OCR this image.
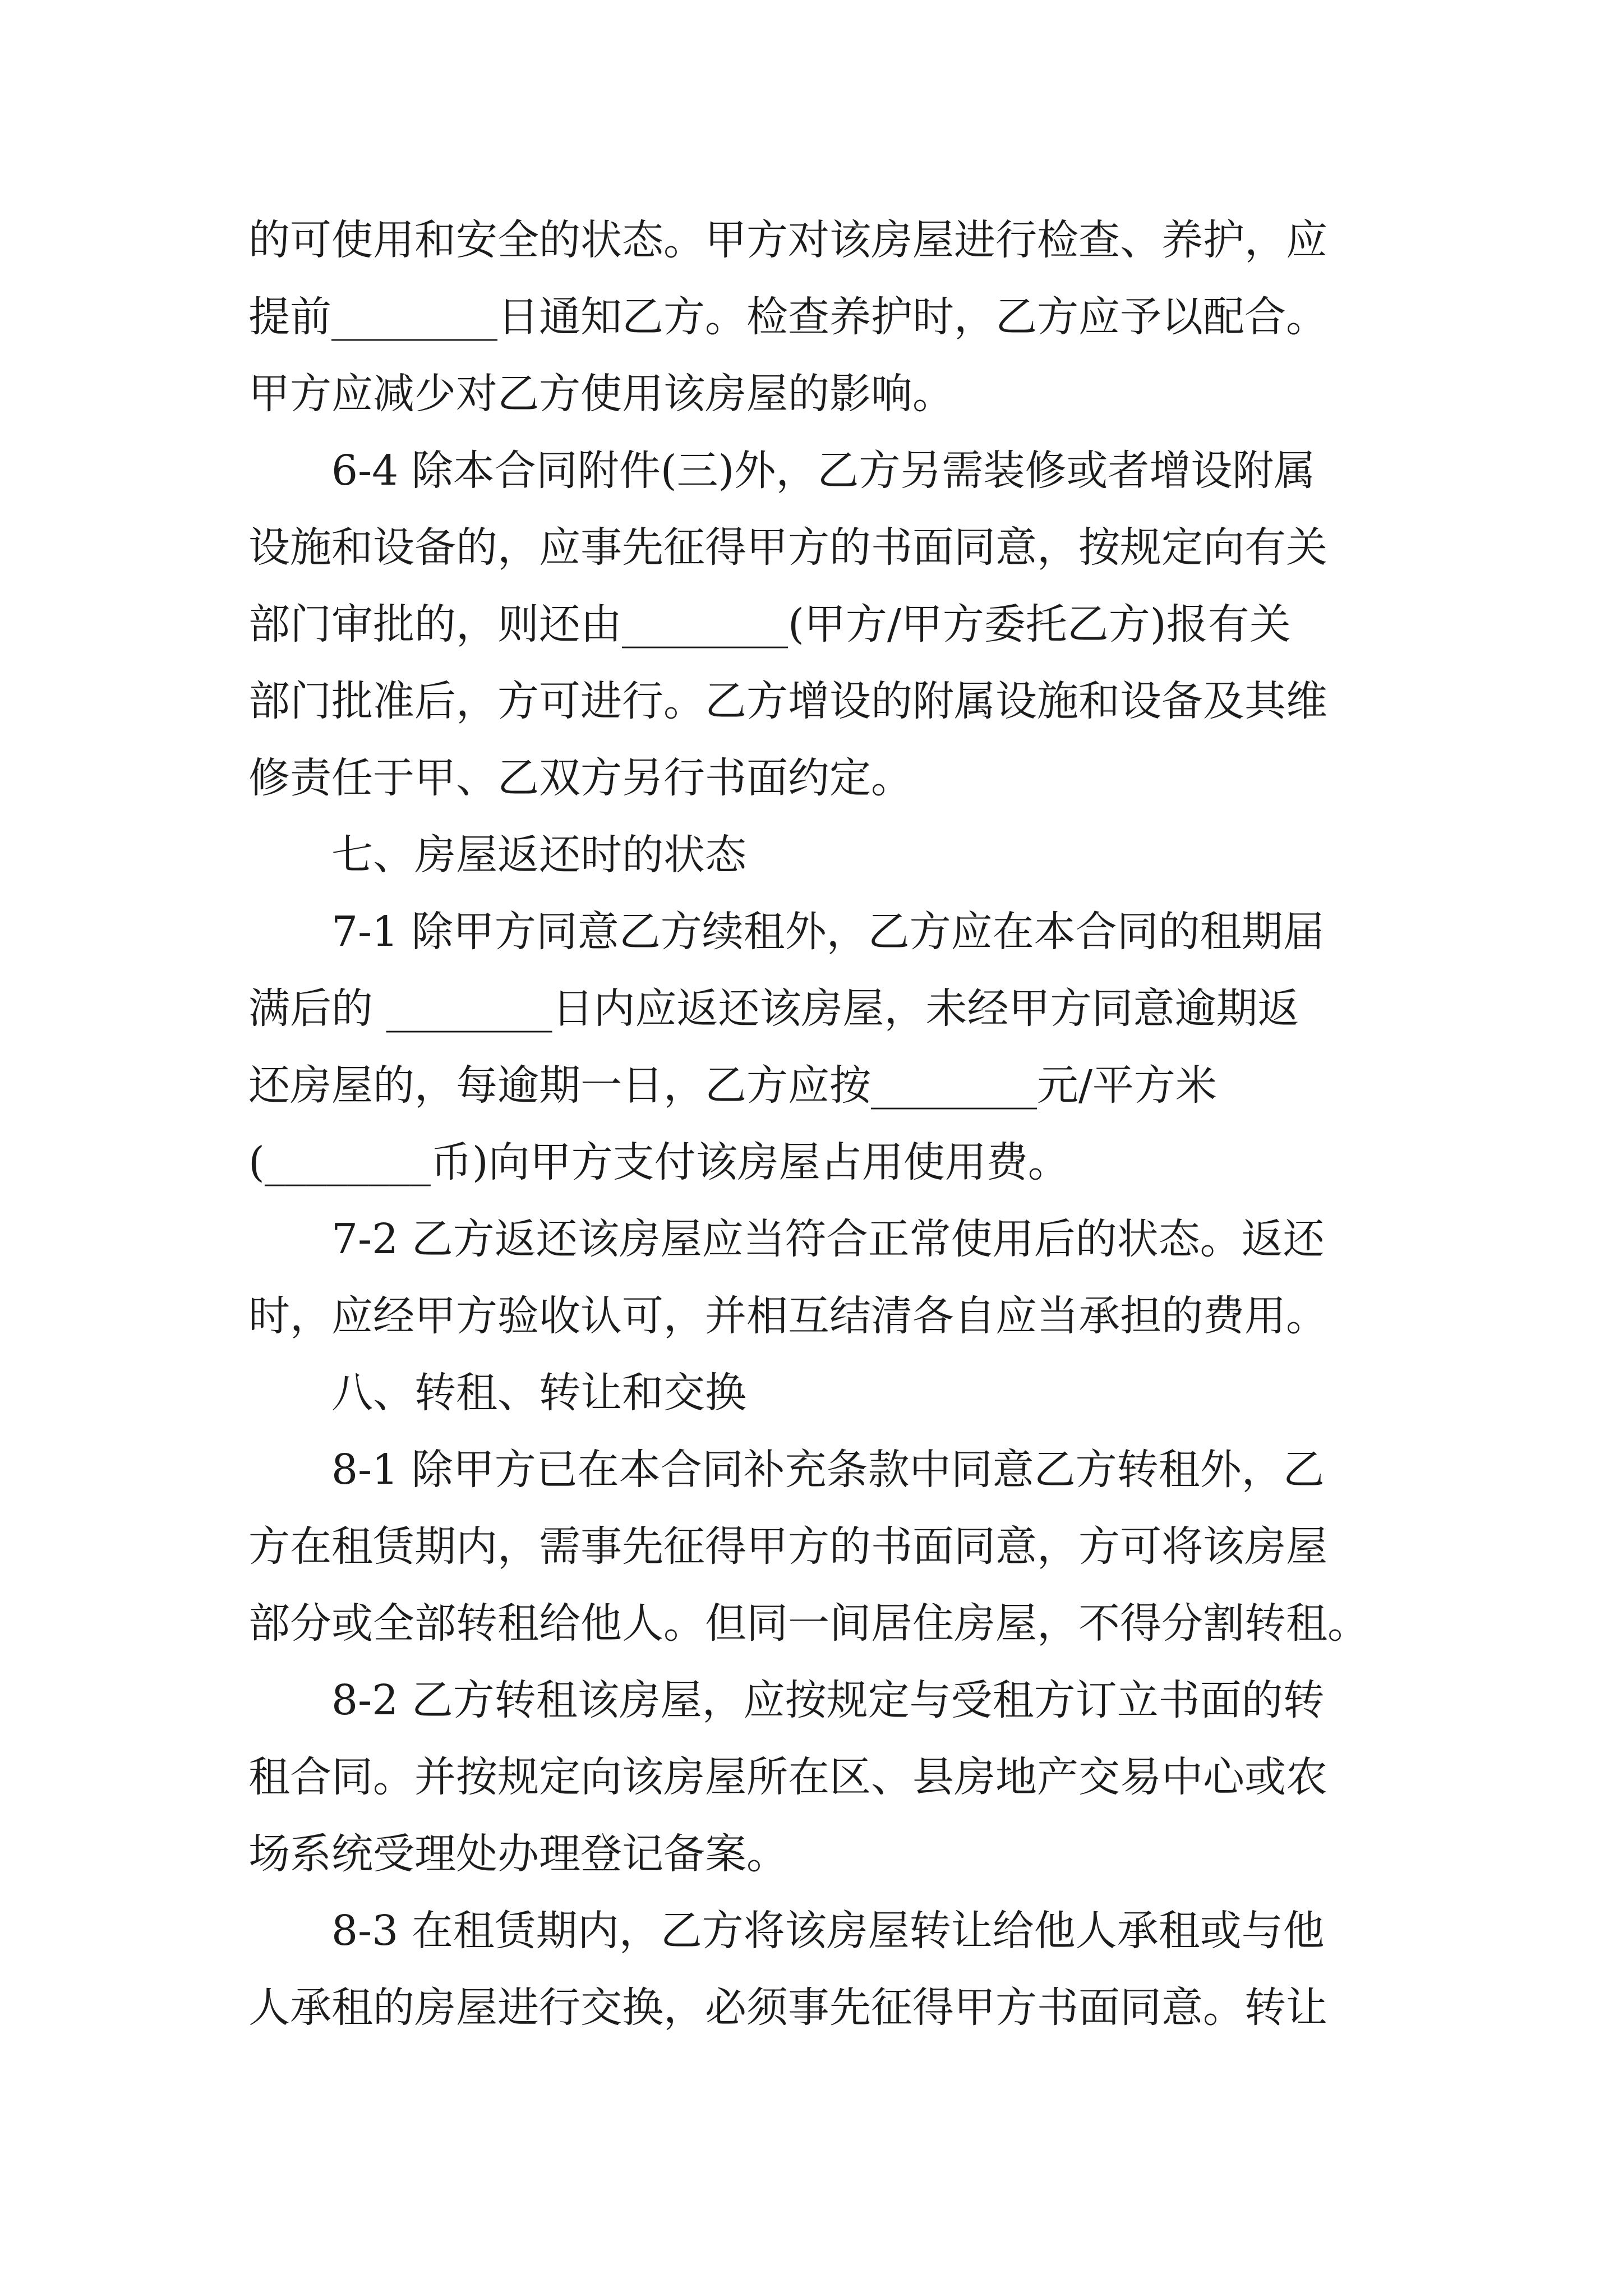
的可使用和安全的状态。甲方对该房屋进行检查、养护，应
提前________日通知乙方。检查养护时，乙方应予以配合。
甲方应减少对乙方使用该房屋的影响。
　　6-4 除本合同附件(三)外，乙方另需装修或者增设附属
设施和设备的，应事先征得甲方的书面同意，按规定向有关
部门审批的，则还由________(甲方/甲方委托乙方)报有关
部门批准后，方可进行。乙方增设的附属设施和设备及其维
修责任于甲、乙双方另行书面约定。
　　七、房屋返还时的状态
　　7-1 除甲方同意乙方续租外，乙方应在本合同的租期届
满后的 ________日内应返还该房屋，未经甲方同意逾期返
还房屋的，每逾期一日，乙方应按________元/平方米
(________币)向甲方支付该房屋占用使用费。
　　7-2 乙方返还该房屋应当符合正常使用后的状态。返还
时，应经甲方验收认可，并相互结清各自应当承担的费用。
　　八、转租、转让和交换
　　8-1 除甲方已在本合同补充条款中同意乙方转租外，乙
方在租赁期内，需事先征得甲方的书面同意，方可将该房屋
部分或全部转租给他人。但同一间居住房屋，不得分割转租。
　　8-2 乙方转租该房屋，应按规定与受租方订立书面的转
租合同。并按规定向该房屋所在区、县房地产交易中心或农
场系统受理处办理登记备案。
　　8-3 在租赁期内，乙方将该房屋转让给他人承租或与他
人承租的房屋进行交换，必须事先征得甲方书面同意。转让
